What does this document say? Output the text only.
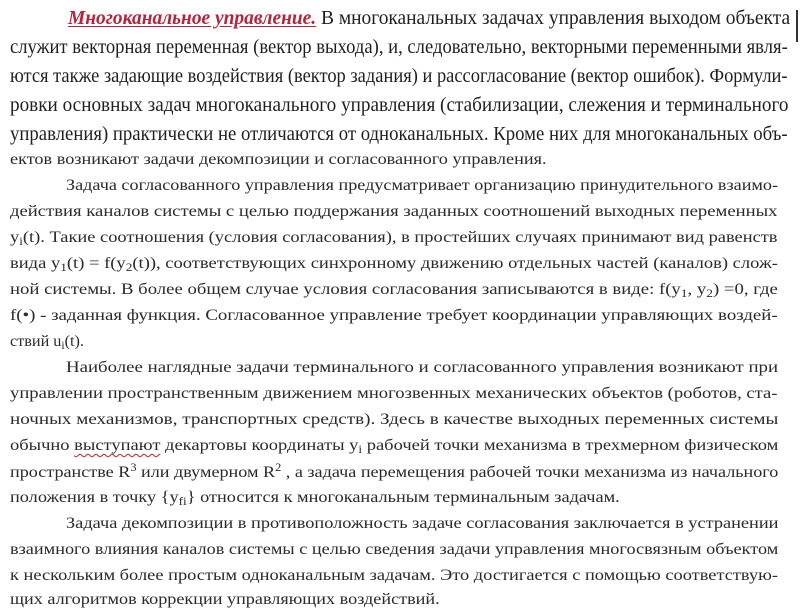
Многоканальное управление. В многоканальных задачах управления выходом объекта
служит векторная переменная (вектор выхода), и, следовательно, векторными переменными явля-
ются также задающие воздействия (вектор задания) и рассогласование (вектор ошибок). Формули-
ровки основных задач многоканального управления (стабилизации, слежения и терминального
управления) практически не отличаются от одноканальных. Кроме них для многоканальных объ-
ектов возникают задачи декомпозиции и согласованного управления.
Задача согласованного управления предусматривает организацию принудительного взаимо-
действия каналов системы с целью поддержания заданных соотношений выходных переменных
$y_i(t)$. Такие соотношения (условия согласования), в простейших случаях принимают вид равенств
вида $y_1(t) = f(y_2(t))$, соответствующих синхронному движению отдельных частей (каналов) слож-
ной системы. В более общем случае условия согласования записываются в виде: $f(y_1$, $y_2) =0$, где
f(•) - заданная функция. Согласованное управление требует координации управляющих воздей-
ствий $u_i(t)$.
Наиболее наглядные задачи терминального и согласованного управления возникают при
управлении пространственным движением многозвенных механических объектов (роботов, ста-
ночных механизмов, транспортных средств). Здесь в качестве выходных переменных системы
обычно выступают декартовы координаты $y_i$ рабочей точки механизма в трехмерном физическом
пространстве $R^3$ или двумерном $R^2$ , а задача перемещения рабочей точки механизма из начального
положения в точку $\{y_{fi}\}$ относится к многоканальным терминальным задачам.
Задача декомпозиции в противоположность задаче согласования заключается в устранении
взаимного влияния каналов системы с целью сведения задачи управления многосвязным объектом
к нескольким более простым одноканальным задачам. Это достигается с помощью соответствую-
щих алгоритмов коррекции управляющих воздействий.
